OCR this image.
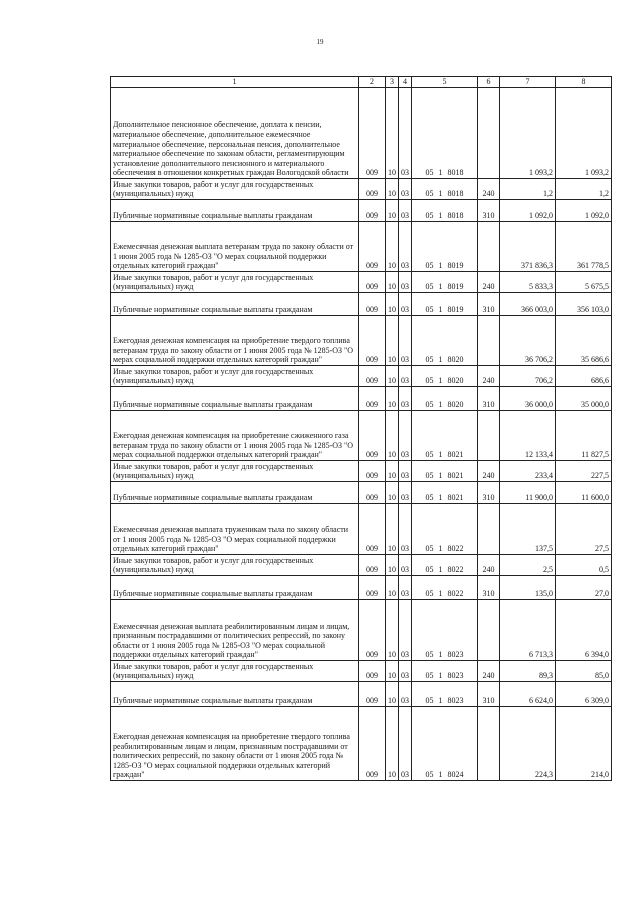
19
1	2	3	4	5	6	7	8
Дополнительное пенсионное обеспечение, доплата к пенсии, материальное обеспечение, дополнительное ежемесячное материальное обеспечение, персональная пенсия, дополнительное материальное обеспечение по законам области, регламентирующим установление дополнительного пенсионного и материального обеспечения в отношении конкретных граждан Вологодской области	009	10	03	05 1 8018		1 093,2	1 093,2
Иные закупки товаров, работ и услуг для государственных (муниципальных) нужд	009	10	03	05 1 8018	240	1,2	1,2
Публичные нормативные социальные выплаты гражданам	009	10	03	05 1 8018	310	1 092,0	1 092,0
Ежемесячная денежная выплата ветеранам труда по закону области от 1 июня 2005 года № 1285-ОЗ "О мерах социальной поддержки отдельных категорий граждан"	009	10	03	05 1 8019		371 836,3	361 778,5
Иные закупки товаров, работ и услуг для государственных (муниципальных) нужд	009	10	03	05 1 8019	240	5 833,3	5 675,5
Публичные нормативные социальные выплаты гражданам	009	10	03	05 1 8019	310	366 003,0	356 103,0
Ежегодная денежная компенсация на приобретение твердого топлива ветеранам труда по закону области от 1 июня 2005 года № 1285-ОЗ "О мерах социальной поддержки отдельных категорий граждан"	009	10	03	05 1 8020		36 706,2	35 686,6
Иные закупки товаров, работ и услуг для государственных (муниципальных) нужд	009	10	03	05 1 8020	240	706,2	686,6
Публичные нормативные социальные выплаты гражданам	009	10	03	05 1 8020	310	36 000,0	35 000,0
Ежегодная денежная компенсация на приобретение сжиженного газа ветеранам труда по закону области от 1 июня 2005 года № 1285-ОЗ "О мерах социальной поддержки отдельных категорий граждан"	009	10	03	05 1 8021		12 133,4	11 827,5
Иные закупки товаров, работ и услуг для государственных (муниципальных) нужд	009	10	03	05 1 8021	240	233,4	227,5
Публичные нормативные социальные выплаты гражданам	009	10	03	05 1 8021	310	11 900,0	11 600,0
Ежемесячная денежная выплата труженикам тыла по закону области от 1 июня 2005 года № 1285-ОЗ "О мерах социальной поддержки отдельных категорий граждан"	009	10	03	05 1 8022		137,5	27,5
Иные закупки товаров, работ и услуг для государственных (муниципальных) нужд	009	10	03	05 1 8022	240	2,5	0,5
Публичные нормативные социальные выплаты гражданам	009	10	03	05 1 8022	310	135,0	27,0
Ежемесячная денежная выплата реабилитированным лицам и лицам, признанным пострадавшими от политических репрессий, по закону области от 1 июня 2005 года № 1285-ОЗ "О мерах социальной поддержки отдельных категорий граждан"	009	10	03	05 1 8023		6 713,3	6 394,0
Иные закупки товаров, работ и услуг для государственных (муниципальных) нужд	009	10	03	05 1 8023	240	89,3	85,0
Публичные нормативные социальные выплаты гражданам	009	10	03	05 1 8023	310	6 624,0	6 309,0
Ежегодная денежная компенсация на приобретение твердого топлива реабилитированным лицам и лицам, признанным пострадавшими от политических репрессий, по закону области от 1 июня 2005 года № 1285-ОЗ "О мерах социальной поддержки отдельных категорий граждан"	009	10	03	05 1 8024		224,3	214,0
